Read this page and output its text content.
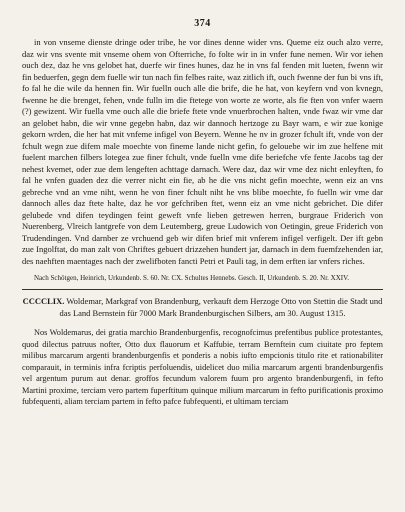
374

in von vnseme dienste dringe oder tribe, he vor dines denne wider vns. Queme eiz ouch alzo verre, daz wir vns svente mit vnseme ohem von Ofterriche, fo folte wir in in vnfer fune nemen. Wir vor iehen ouch dez, daz he vns gelobet hat, duerfe wir fines hunes, daz he in vns fal fenden mit lueten, fwenn wir fin beduerfen, gegn dem fuelle wir tun nach fin felbes raite, waz zitlich ift, ouch fwenne der fun bi vns ift, fo fal he die wile da hennen fin. Wir fuelln ouch alle die brife, die he hat, von keyfern vnd von kvnegn, fwenne he die brenget, fehen, vnde fulln im die ftetege von worte ze worte, als fie ften von vnfer waern (?) gewizent. Wir fuella vme ouch alle die briefe ftete vnde vnuerbrochen halten, vnde fwaz wir vme dar an gelobet habn, die wir vnne gegebn habn, daz wir dannoch hertzoge zu Bayr warn, e wir zue konige gekorn wrden, die her hat mit vnfeme infigel von Beyern. Wenne he nv in grozer fchult ift, vnde von der fchult wegn zue difem male moechte von fineme lande nicht gefin, fo gelouebe wir im zue helfene mit fuelent marchen filbers lotegea zue finer fchult, vnde fuelln vme dife beriefche vfe fente Jacobs tag der nehest kvemet, oder zue dem lengeften achttage darnach. Were daz, daz wir vme dez nicht enleyften, fo fal he vnfen guaden dez die verrer nicht ein fie, ab he die vns nicht gefin moechte, wenn eiz an vns gebreche vnd an vme niht, wenn he von finer fchult niht he vns blibe moechte, fo fuelln wir vme dar dannoch alles daz ftete halte, daz he vor gefchriben ftet, wenn eiz an vme nicht gebrichet. Die difer gelubede vnd difen teydingen feint geweft vnfe lieben getrewen herren, burgraue Friderich von Nuerenberg, Vlreich lantgrefe von dem Leutemberg, greue Ludowich von Oetingin, greue Friderich von Trudendingen. Vnd darnber ze vrchuend geb wir difen brief mit vnferem infigel verfigelt. Der ift gebn zue Ingolftat, do man zalt von Chriftes gebuert drizzehen hundert jar, darnach in dem fuemfzehenden iar, des naehften maentages nach der zwelifboten fancti Petri et Pauli tag, in dem erften iar vnfers riches.

Nach Schötgen, Heinrich, Urkundenb. S. 60. Nr. CX. Schultes Hennebs. Gesch. II, Urkundenb. S. 20. Nr. XXIV.

CCCCLIX. Woldemar, Markgraf von Brandenburg, verkauft dem Herzoge Otto von Stettin die Stadt und das Land Bernstein für 7000 Mark Brandenburgischen Silbers, am 30. August 1315.

Nos Woldemarus, dei gratia marchio Brandenburgenfis, recognofcimus prefentibus publice protestantes, quod dilectus patruus nofter, Otto dux flauorum et Kaffubie, terram Bernftein cum ciuitate pro feptem milibus marcarum argenti brandenburgenfis et ponderis a nobis iufto empcionis titulo rite et rationabiliter comparauit, in terminis infra fcriptis perfoluendis, uidelicet duo milia marcarum argenti brandenburgenfis vel argentum purum aut denar. groffos fecundum valorem fuum pro argento brandenburgenfi, in fefto Martini proxime, terciam vero partem fuperftitum quinque milium marcarum in fefto purificationis proximo fubfequenti, aliam terciam partem in fefto pafce fubfequenti, et ultimam terciam
